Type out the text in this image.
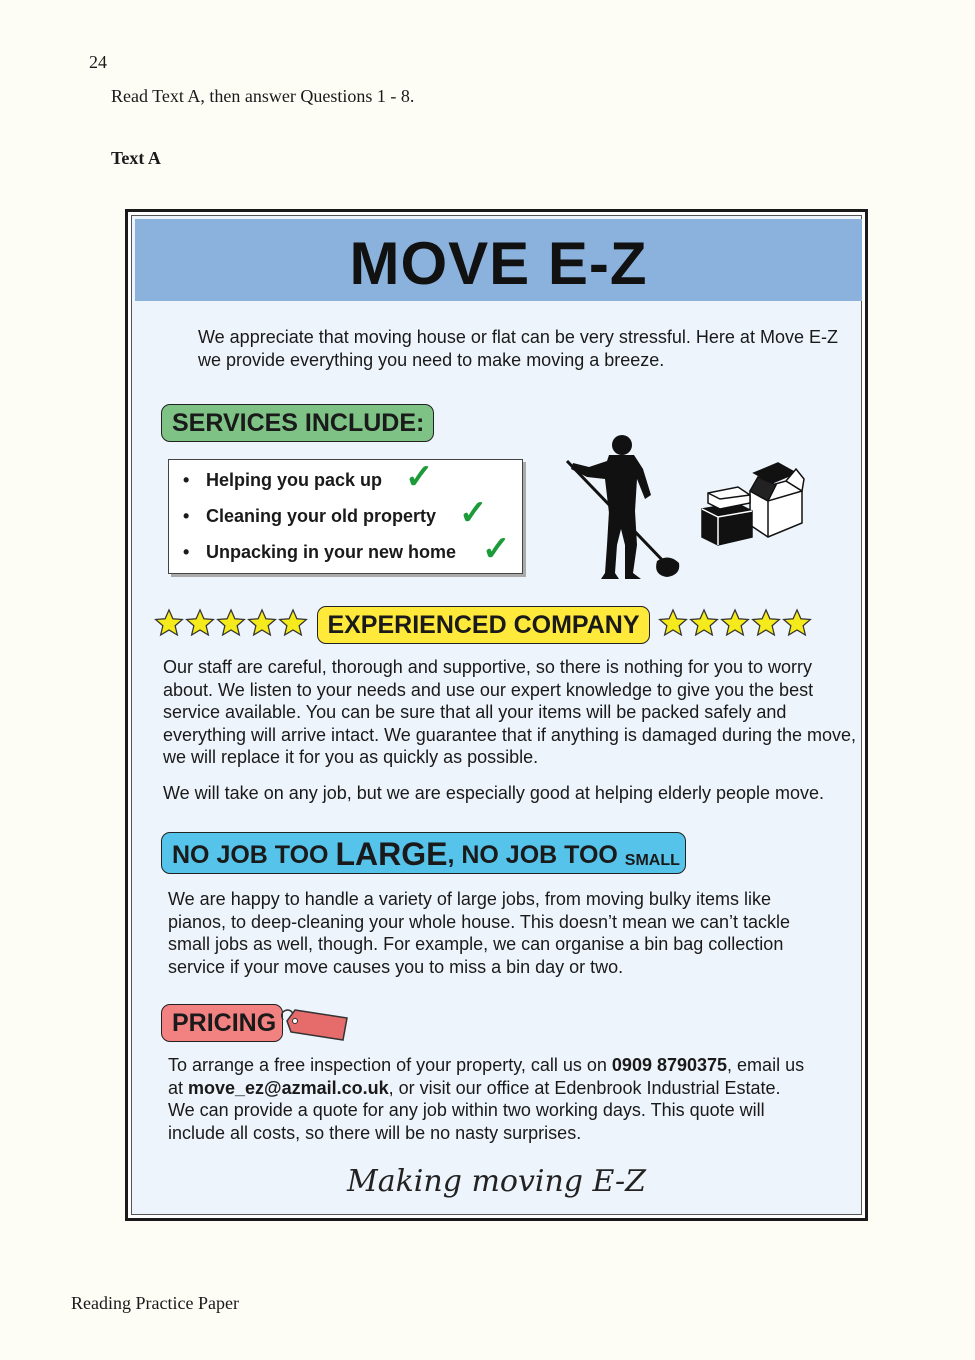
24
Read Text A, then answer Questions 1 - 8.
Text A
MOVE E-Z
We appreciate that moving house or flat can be very stressful. Here at Move E-Z we provide everything you need to make moving a breeze.
SERVICES INCLUDE:
• Helping you pack up
• Cleaning your old property
• Unpacking in your new home
✓
✓
✓
EXPERIENCED COMPANY
Our staff are careful, thorough and supportive, so there is nothing for you to worry about. We listen to your needs and use our expert knowledge to give you the best service available. You can be sure that all your items will be packed safely and everything will arrive intact. We guarantee that if anything is damaged during the move, we will replace it for you as quickly as possible.
We will take on any job, but we are especially good at helping elderly people move.
NO JOB TOO LARGE , NO JOB TOO SMALL
We are happy to handle a variety of large jobs, from moving bulky items like pianos, to deep-cleaning your whole house. This doesn’t mean we can’t tackle small jobs as well, though. For example, we can organise a bin bag collection service if your move causes you to miss a bin day or two.
PRICING
To arrange a free inspection of your property, call us on 0909 8790375, email us at move_ez@azmail.co.uk, or visit our office at Edenbrook Industrial Estate. We can provide a quote for any job within two working days. This quote will include all costs, so there will be no nasty surprises.
Making moving E-Z
Reading Practice Paper
